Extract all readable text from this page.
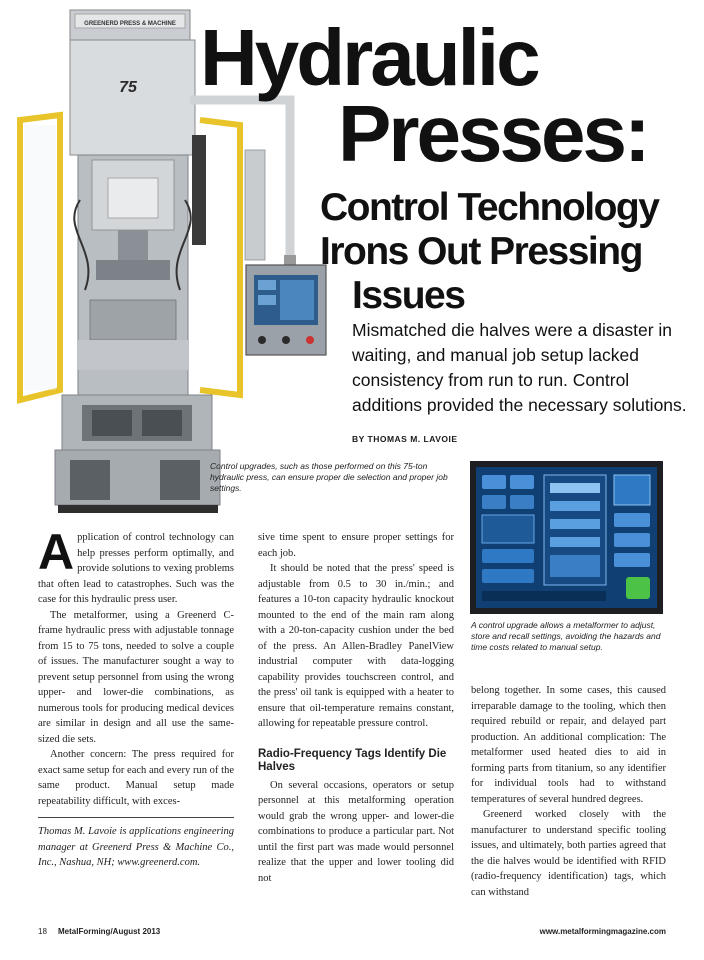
GREENERD PRESS & MACHINE
75 Hydraulic
Presses:
Control Technology
Irons Out Pressing
Issues

Mismatched die halves were a disaster in waiting, and manual job setup lacked consistency from run to run. Control additions provided the necessary solutions.

BY THOMAS M. LAVOIE
Control upgrades, such as those performed on this 75-ton hydraulic press, can ensure proper die selection and proper job settings.
A control upgrade allows a metalformer to adjust, store and recall settings, avoiding the hazards and time costs related to manual setup.

Application of control technology can help presses perform optimally, and provide solutions to vexing problems that often lead to catastrophes. Such was the case for this hydraulic press user.

The metalformer, using a Greenerd C-frame hydraulic press with adjustable tonnage from 15 to 75 tons, needed to solve a couple of issues. The manufacturer sought a way to prevent setup personnel from using the wrong upper- and lower-die combinations, as numerous tools for producing medical devices are similar in design and all use the same-sized die sets.

Another concern: The press required for exact same setup for each and every run of the same product. Manual setup made repeatability difficult, with exces-

Thomas M. Lavoie is applications engineering manager at Greenerd Press & Machine Co., Inc., Nashua, NH; www.greenerd.com.

sive time spent to ensure proper settings for each job.

It should be noted that the press' speed is adjustable from 0.5 to 30 in./min.; and features a 10-ton capacity hydraulic knockout mounted to the end of the main ram along with a 20-ton-capacity cushion under the bed of the press. An Allen-Bradley PanelView industrial computer with data-logging capability provides touchscreen control, and the press' oil tank is equipped with a heater to ensure that oil-temperature remains constant, allowing for repeatable pressure control.

Radio-Frequency Tags Identify Die Halves

On several occasions, operators or setup personnel at this metalforming operation would grab the wrong upper- and lower-die combinations to produce a particular part. Not until the first part was made would personnel realize that the upper and lower tooling did not

belong together. In some cases, this caused irreparable damage to the tooling, which then required rebuild or repair, and delayed part production. An additional complication: The metalformer used heated dies to aid in forming parts from titanium, so any identifier for individual tools had to withstand temperatures of several hundred degrees.

Greenerd worked closely with the manufacturer to understand specific tooling issues, and ultimately, both parties agreed that the die halves would be identified with RFID (radio-frequency identification) tags, which can withstand

18 MetalForming/August 2013	www.metalformingmagazine.com
